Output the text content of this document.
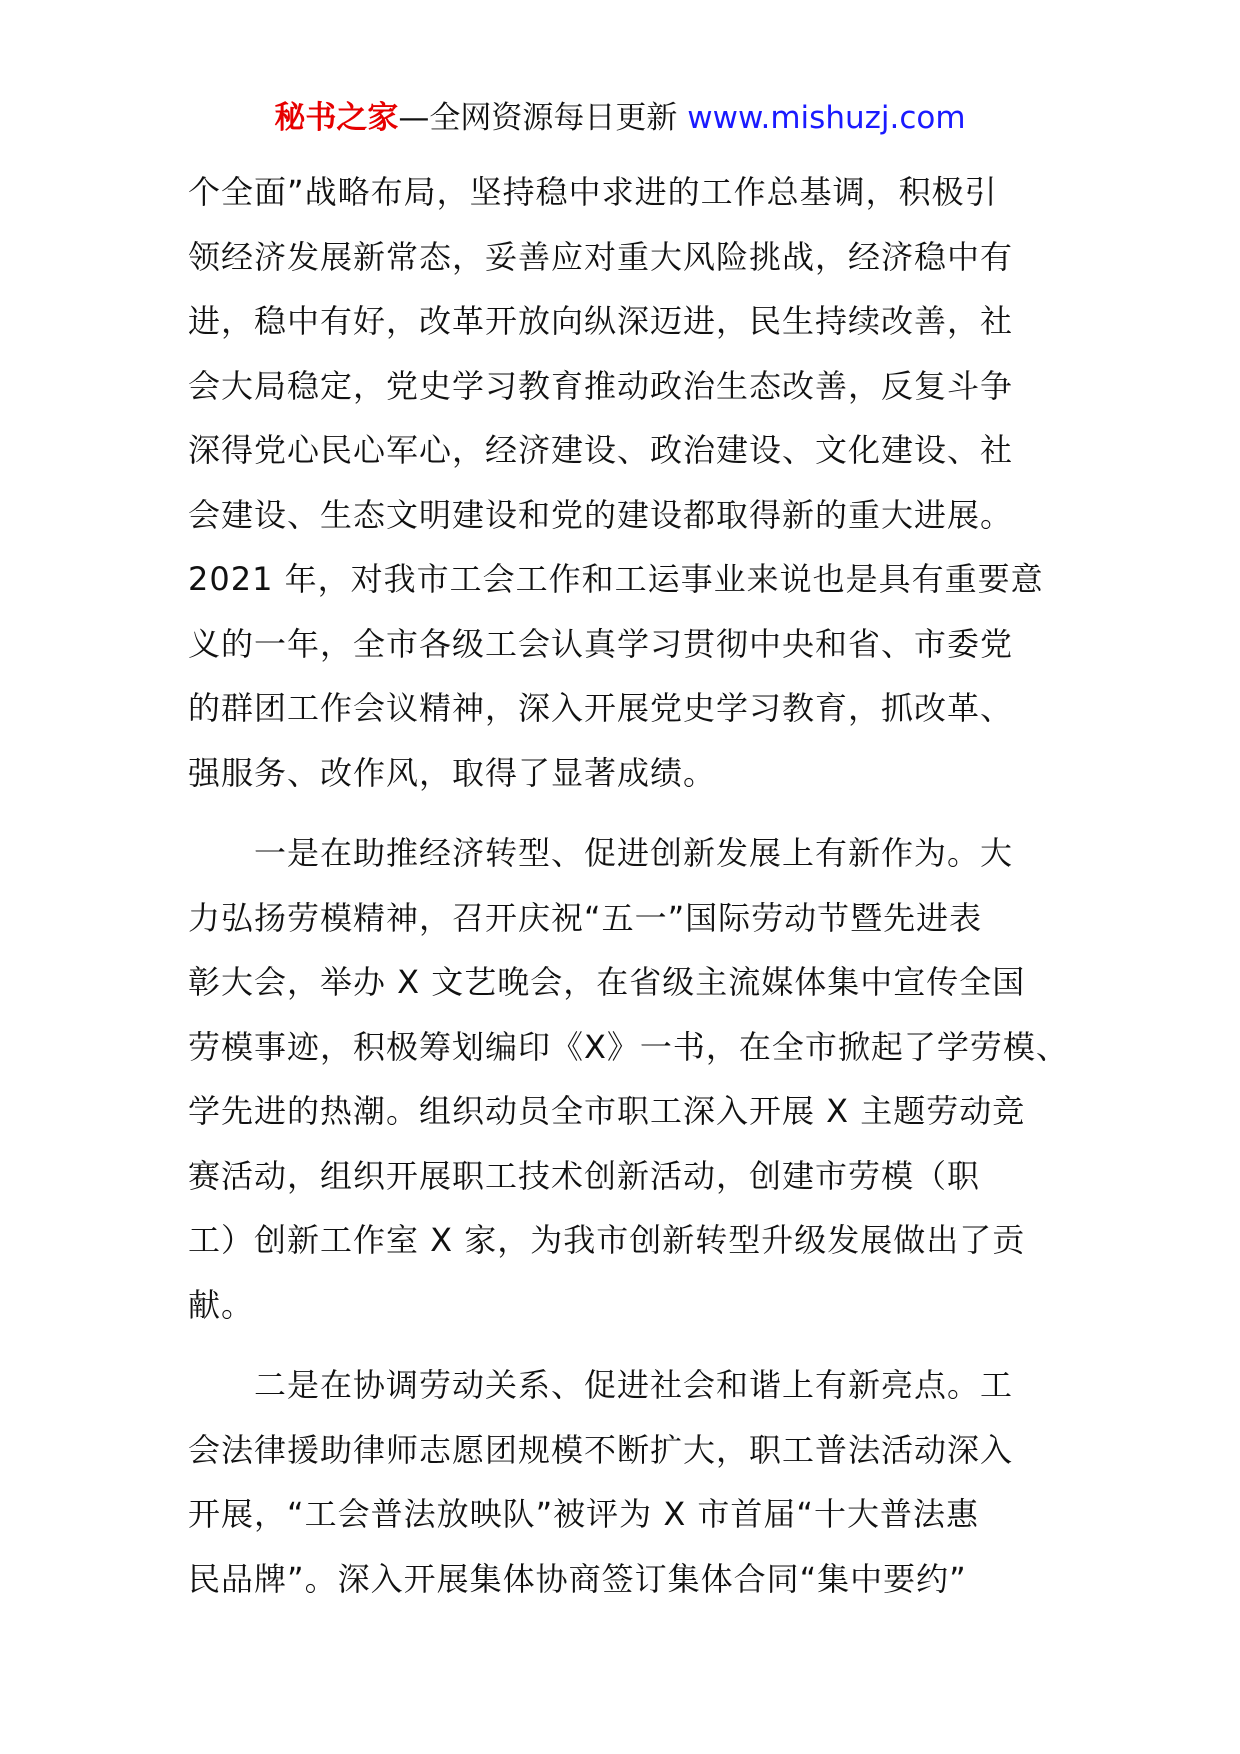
秘书之家—全网资源每日更新 www.mishuzj.com

个全面”战略布局，坚持稳中求进的工作总基调，积极引
领经济发展新常态，妥善应对重大风险挑战，经济稳中有
进，稳中有好，改革开放向纵深迈进，民生持续改善，社
会大局稳定，党史学习教育推动政治生态改善，反复斗争
深得党心民心军心，经济建设、政治建设、文化建设、社
会建设、生态文明建设和党的建设都取得新的重大进展。
2021 年，对我市工会工作和工运事业来说也是具有重要意
义的一年，全市各级工会认真学习贯彻中央和省、市委党
的群团工作会议精神，深入开展党史学习教育，抓改革、
强服务、改作风，取得了显著成绩。

一是在助推经济转型、促进创新发展上有新作为。大
力弘扬劳模精神，召开庆祝“五一”国际劳动节暨先进表
彰大会，举办 X 文艺晚会，在省级主流媒体集中宣传全国
劳模事迹，积极筹划编印《X》一书，在全市掀起了学劳模、
学先进的热潮。组织动员全市职工深入开展 X 主题劳动竞
赛活动，组织开展职工技术创新活动，创建市劳模（职
工）创新工作室 X 家，为我市创新转型升级发展做出了贡
献。

二是在协调劳动关系、促进社会和谐上有新亮点。工
会法律援助律师志愿团规模不断扩大，职工普法活动深入
开展，“工会普法放映队”被评为 X 市首届“十大普法惠
民品牌”。深入开展集体协商签订集体合同“集中要约”
